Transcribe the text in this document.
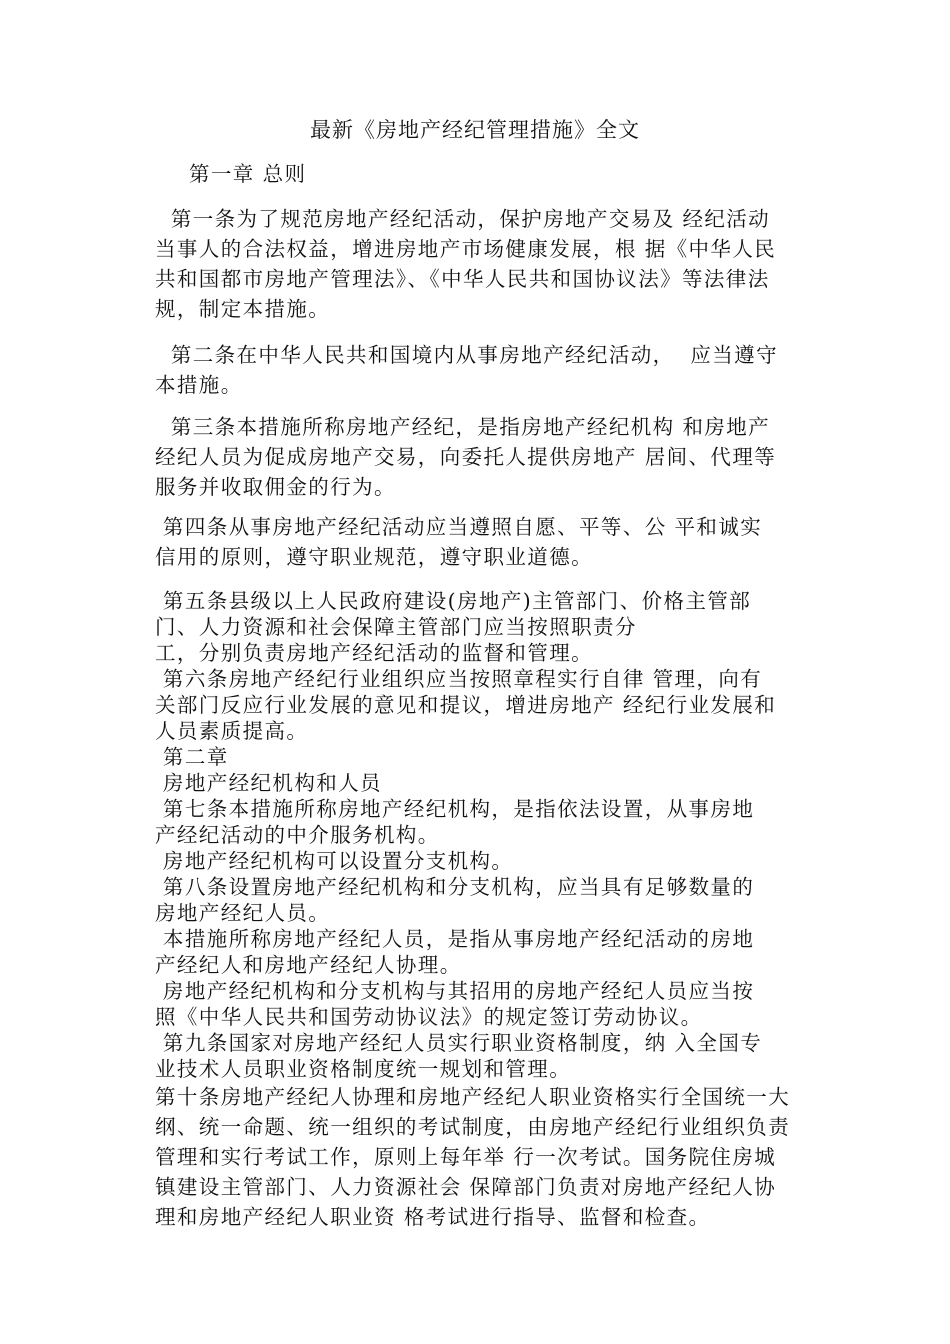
最新《房地产经纪管理措施》全文
第一章 总则
第一条为了规范房地产经纪活动，保护房地产交易及 经纪活动
当事人的合法权益，增进房地产市场健康发展，根 据《中华人民
共和国都市房地产管理法》、《中华人民共和国协议法》等法律法
规，制定本措施。
第二条在中华人民共和国境内从事房地产经纪活动，  应当遵守
本措施。
第三条本措施所称房地产经纪，是指房地产经纪机构 和房地产
经纪人员为促成房地产交易，向委托人提供房地产 居间、代理等
服务并收取佣金的行为。
第四条从事房地产经纪活动应当遵照自愿、平等、公 平和诚实
信用的原则，遵守职业规范，遵守职业道德。
第五条县级以上人民政府建设(房地产)主管部门、价格主管部
门、人力资源和社会保障主管部门应当按照职责分
工，分别负责房地产经纪活动的监督和管理。
第六条房地产经纪行业组织应当按照章程实行自律 管理，向有
关部门反应行业发展的意见和提议，增进房地产 经纪行业发展和
人员素质提高。
第二章
房地产经纪机构和人员
第七条本措施所称房地产经纪机构，是指依法设置，从事房地
产经纪活动的中介服务机构。
房地产经纪机构可以设置分支机构。
第八条设置房地产经纪机构和分支机构，应当具有足够数量的
房地产经纪人员。
本措施所称房地产经纪人员，是指从事房地产经纪活动的房地
产经纪人和房地产经纪人协理。
房地产经纪机构和分支机构与其招用的房地产经纪人员应当按
照《中华人民共和国劳动协议法》的规定签订劳动协议。
第九条国家对房地产经纪人员实行职业资格制度，纳 入全国专
业技术人员职业资格制度统一规划和管理。
第十条房地产经纪人协理和房地产经纪人职业资格实行全国统一大
纲、统一命题、统一组织的考试制度，由房地产经纪行业组织负责
管理和实行考试工作，原则上每年举 行一次考试。国务院住房城
镇建设主管部门、人力资源社会 保障部门负责对房地产经纪人协
理和房地产经纪人职业资 格考试进行指导、监督和检查。
